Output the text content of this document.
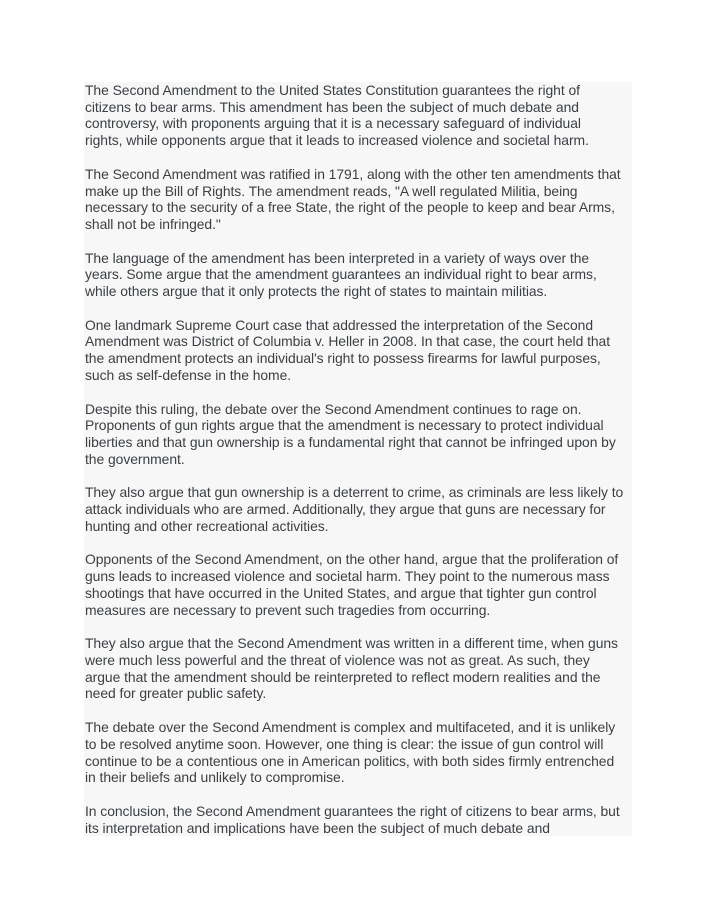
The Second Amendment to the United States Constitution guarantees the right of
citizens to bear arms. This amendment has been the subject of much debate and
controversy, with proponents arguing that it is a necessary safeguard of individual
rights, while opponents argue that it leads to increased violence and societal harm.

The Second Amendment was ratified in 1791, along with the other ten amendments that
make up the Bill of Rights. The amendment reads, "A well regulated Militia, being
necessary to the security of a free State, the right of the people to keep and bear Arms,
shall not be infringed."

The language of the amendment has been interpreted in a variety of ways over the
years. Some argue that the amendment guarantees an individual right to bear arms,
while others argue that it only protects the right of states to maintain militias.

One landmark Supreme Court case that addressed the interpretation of the Second
Amendment was District of Columbia v. Heller in 2008. In that case, the court held that
the amendment protects an individual's right to possess firearms for lawful purposes,
such as self-defense in the home.

Despite this ruling, the debate over the Second Amendment continues to rage on.
Proponents of gun rights argue that the amendment is necessary to protect individual
liberties and that gun ownership is a fundamental right that cannot be infringed upon by
the government.

They also argue that gun ownership is a deterrent to crime, as criminals are less likely to
attack individuals who are armed. Additionally, they argue that guns are necessary for
hunting and other recreational activities.

Opponents of the Second Amendment, on the other hand, argue that the proliferation of
guns leads to increased violence and societal harm. They point to the numerous mass
shootings that have occurred in the United States, and argue that tighter gun control
measures are necessary to prevent such tragedies from occurring.

They also argue that the Second Amendment was written in a different time, when guns
were much less powerful and the threat of violence was not as great. As such, they
argue that the amendment should be reinterpreted to reflect modern realities and the
need for greater public safety.

The debate over the Second Amendment is complex and multifaceted, and it is unlikely
to be resolved anytime soon. However, one thing is clear: the issue of gun control will
continue to be a contentious one in American politics, with both sides firmly entrenched
in their beliefs and unlikely to compromise.

In conclusion, the Second Amendment guarantees the right of citizens to bear arms, but
its interpretation and implications have been the subject of much debate and
